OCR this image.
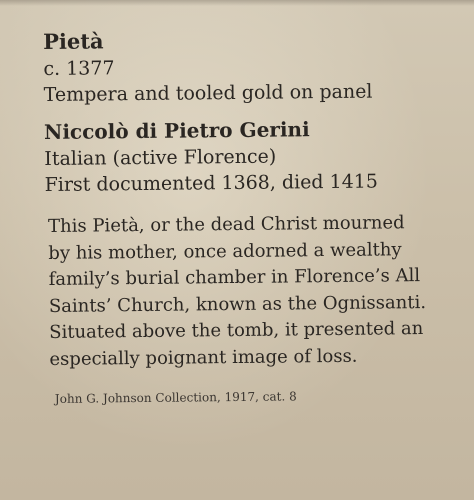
Pietà

c. 1377

Tempera and tooled gold on panel

Niccolò di Pietro Gerini

Italian (active Florence)

First documented 1368, died 1415

This Pietà, or the dead Christ mourned
by his mother, once adorned a wealthy
family’s burial chamber in Florence’s All
Saints’ Church, known as the Ognissanti.
Situated above the tomb, it presented an
especially poignant image of loss.

John G. Johnson Collection, 1917, cat. 8
